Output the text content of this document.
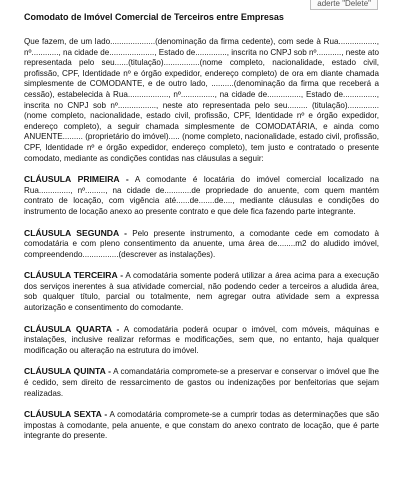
aderte "Delete"
Comodato de Imóvel Comercial de Terceiros entre Empresas

Que fazem, de um lado....................(denominação da firma cedente), com sede à Rua................., nº............, na cidade de...................., Estado de.............., inscrita no CNPJ sob nº..........., neste ato representada pelo seu......(titulação)................(nome completo, nacionalidade, estado civil, profissão, CPF, Identidade nº e órgão expedidor, endereço completo) de ora em diante chamada simplesmente de COMODANTE, e de outro lado, ..........(denominação da firma que receberá a cessão), estabelecida à Rua.................., nº..............., na cidade de..............., Estado de..............., inscrita no CNPJ sob nº................., neste ato representada pelo seu......... (titulação)..............(nome completo, nacionalidade, estado civil, profissão, CPF, Identidade nº e órgão expedidor, endereço completo), a seguir chamada simplesmente de COMODATÁRIA, e ainda como ANUENTE......... (proprietário do imóvel)..... (nome completo, nacionalidade, estado civil, profissão, CPF, Identidade nº e órgão expedidor, endereço completo), tem justo e contratado o presente comodato, mediante as condições contidas nas cláusulas a seguir:

CLÁUSULA PRIMEIRA - A comodante é locatária do imóvel comercial localizado na Rua.............., nº........., na cidade de............de propriedade do anuente, com quem mantém contrato de locação, com vigência até......de.......de...., mediante cláusulas e condições do instrumento de locação anexo ao presente contrato e que dele fica fazendo parte integrante.

CLÁUSULA SEGUNDA - Pelo presente instrumento, a comodante cede em comodato à comodatária e com pleno consentimento da anuente, uma área de........m2 do aludido imóvel, compreendendo................(descrever as instalações).

CLÁUSULA TERCEIRA - A comodatária somente poderá utilizar a área acima para a execução dos serviços inerentes à sua atividade comercial, não podendo ceder a terceiros a aludida área, sob qualquer título, parcial ou totalmente, nem agregar outra atividade sem a expressa autorização e consentimento do comodante.

CLÁUSULA QUARTA - A comodatária poderá ocupar o imóvel, com móveis, máquinas e instalações, inclusive realizar reformas e modificações, sem que, no entanto, haja qualquer modificação ou alteração na estrutura do imóvel.

CLÁUSULA QUINTA - A comandatária compromete-se a preservar e conservar o imóvel que lhe é cedido, sem direito de ressarcimento de gastos ou indenizações por benfeitorias que sejam realizadas.

CLÁUSULA SEXTA - A comodatária compromete-se a cumprir todas as determinações que são impostas à comodante, pela anuente, e que constam do anexo contrato de locação, que é parte integrante do presente.
